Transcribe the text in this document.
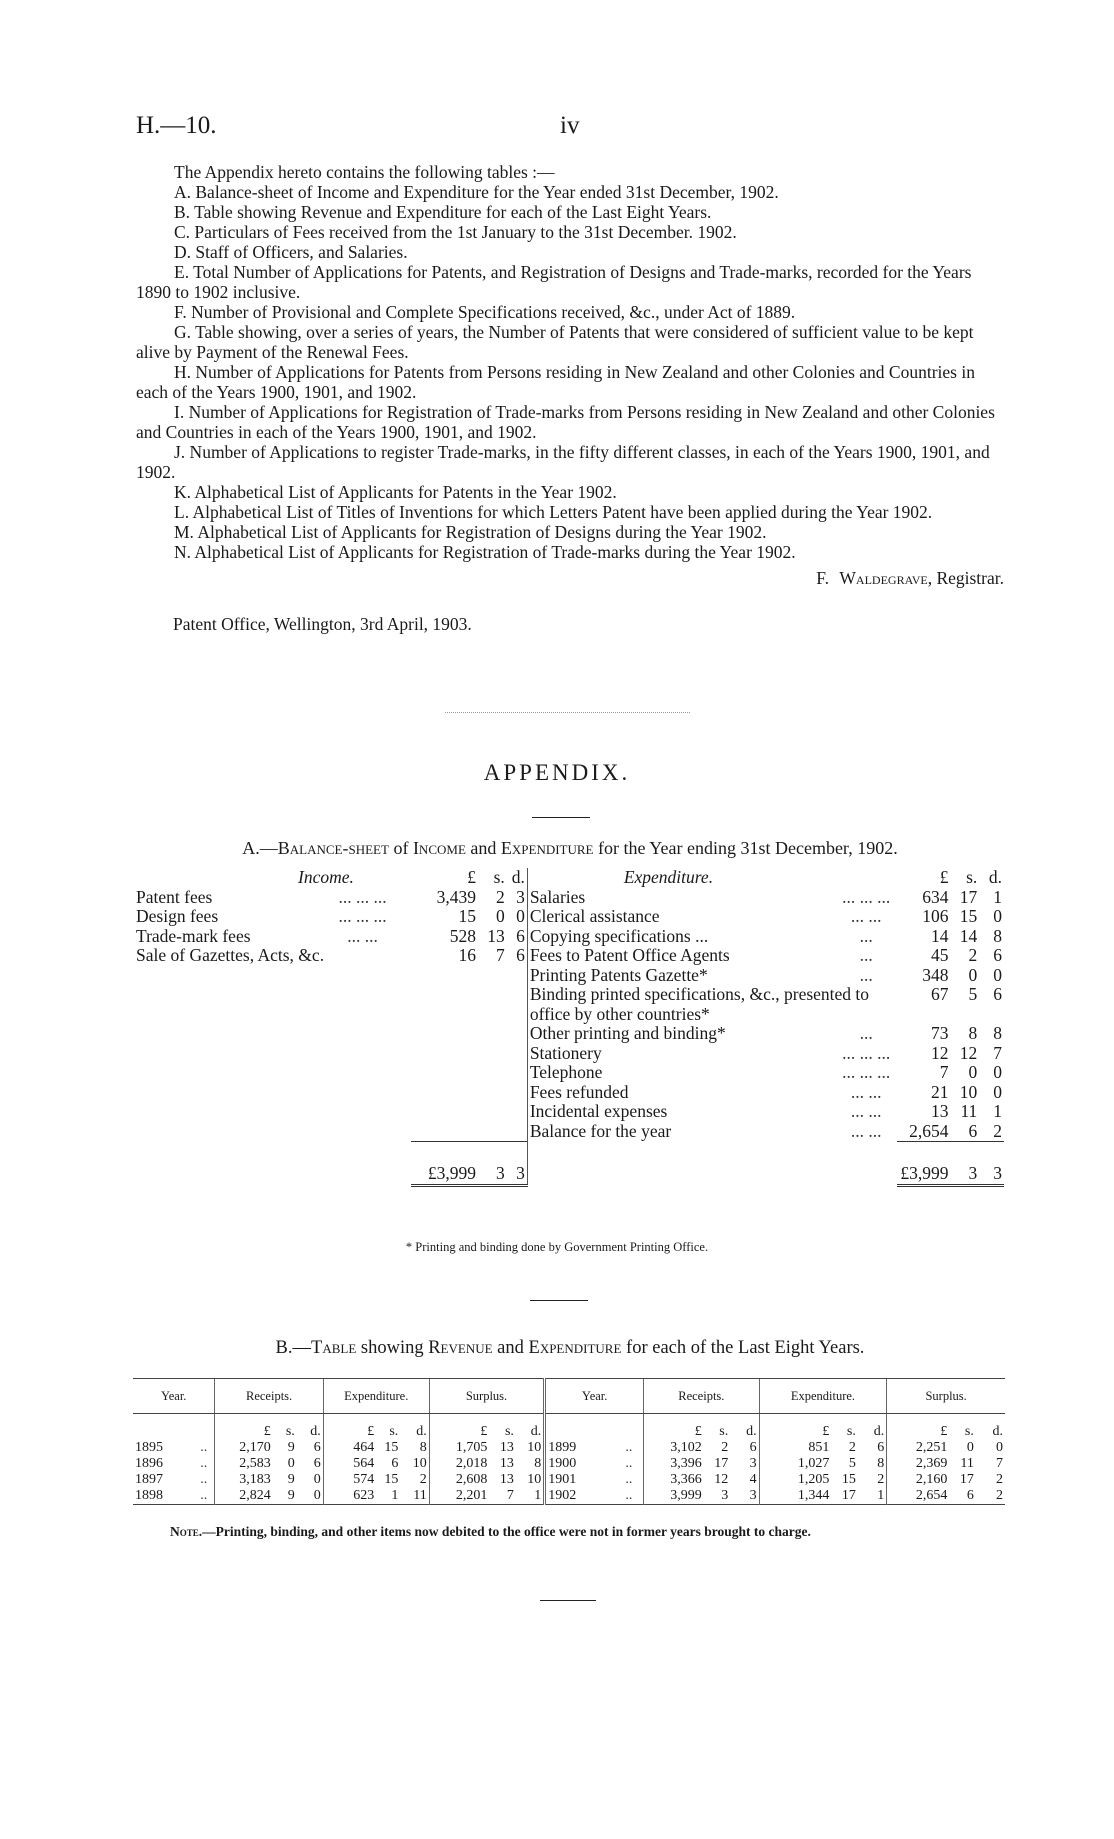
H.—10.	iv

The Appendix hereto contains the following tables :—

A. Balance-sheet of Income and Expenditure for the Year ended 31st December, 1902.

B. Table showing Revenue and Expenditure for each of the Last Eight Years.

C. Particulars of Fees received from the 1st January to the 31st December. 1902.

D. Staff of Officers, and Salaries.

E. Total Number of Applications for Patents, and Registration of Designs and Trade-marks, recorded for the Years 1890 to 1902 inclusive.

F. Number of Provisional and Complete Specifications received, &c., under Act of 1889.

G. Table showing, over a series of years, the Number of Patents that were considered of sufficient value to be kept alive by Payment of the Renewal Fees.

H. Number of Applications for Patents from Persons residing in New Zealand and other Colonies and Countries in each of the Years 1900, 1901, and 1902.

I. Number of Applications for Registration of Trade-marks from Persons residing in New Zealand and other Colonies and Countries in each of the Years 1900, 1901, and 1902.

J. Number of Applications to register Trade-marks, in the fifty different classes, in each of the Years 1900, 1901, and 1902.

K. Alphabetical List of Applicants for Patents in the Year 1902.

L. Alphabetical List of Titles of Inventions for which Letters Patent have been applied during the Year 1902.

M. Alphabetical List of Applicants for Registration of Designs during the Year 1902.

N. Alphabetical List of Applicants for Registration of Trade-marks during the Year 1902.

F. Waldegrave, Registrar.

Patent Office, Wellington, 3rd April, 1903.
APPENDIX.
A.—Balance-sheet of Income and Expenditure for the Year ending 31st December, 1902.
Income.		£	s.	d.	Expenditure.		£	s.	d.
Patent fees	... ... ...	3,439	2	3	Salaries	... ... ...	634	17	1
Design fees	... ... ...	15	0	0	Clerical assistance	... ...	106	15	0
Trade-mark fees	... ...	528	13	6	Copying specifications ...	...	14	14	8
Sale of Gazettes, Acts, &c.		16	7	6	Fees to Patent Office Agents	...	45	2	6
					Printing Patents Gazette*	...	348	0	0
					Binding printed specifications, &c., presented to office by other countries*		67	5	6
					Other printing and binding*	...	73	8	8
					Stationery	... ... ...	12	12	7
					Telephone	... ... ...	7	0	0
					Fees refunded	... ...	21	10	0
					Incidental expenses	... ...	13	11	1
					Balance for the year	... ...	2,654	6	2
		£3,999	3	3			£3,999	3	3
* Printing and binding done by Government Printing Office.
B.—Table showing Revenue and Expenditure for each of the Last Eight Years.
Year.		Receipts.			Expenditure.			Surplus.			Year.		Receipts.			Expenditure.			Surplus.		
		£	s.	d.	£	s.	d.	£	s.	d.			£	s.	d.	£	s.	d.	£	s.	d.
1895	..	2,170	9	6	464	15	8	1,705	13	10	1899	..	3,102	2	6	851	2	6	2,251	0	0
1896	..	2,583	0	6	564	6	10	2,018	13	8	1900	..	3,396	17	3	1,027	5	8	2,369	11	7
1897	..	3,183	9	0	574	15	2	2,608	13	10	1901	..	3,366	12	4	1,205	15	2	2,160	17	2
1898	..	2,824	9	0	623	1	11	2,201	7	1	1902	..	3,999	3	3	1,344	17	1	2,654	6	2
Note.—Printing, binding, and other items now debited to the office were not in former years brought to charge.
